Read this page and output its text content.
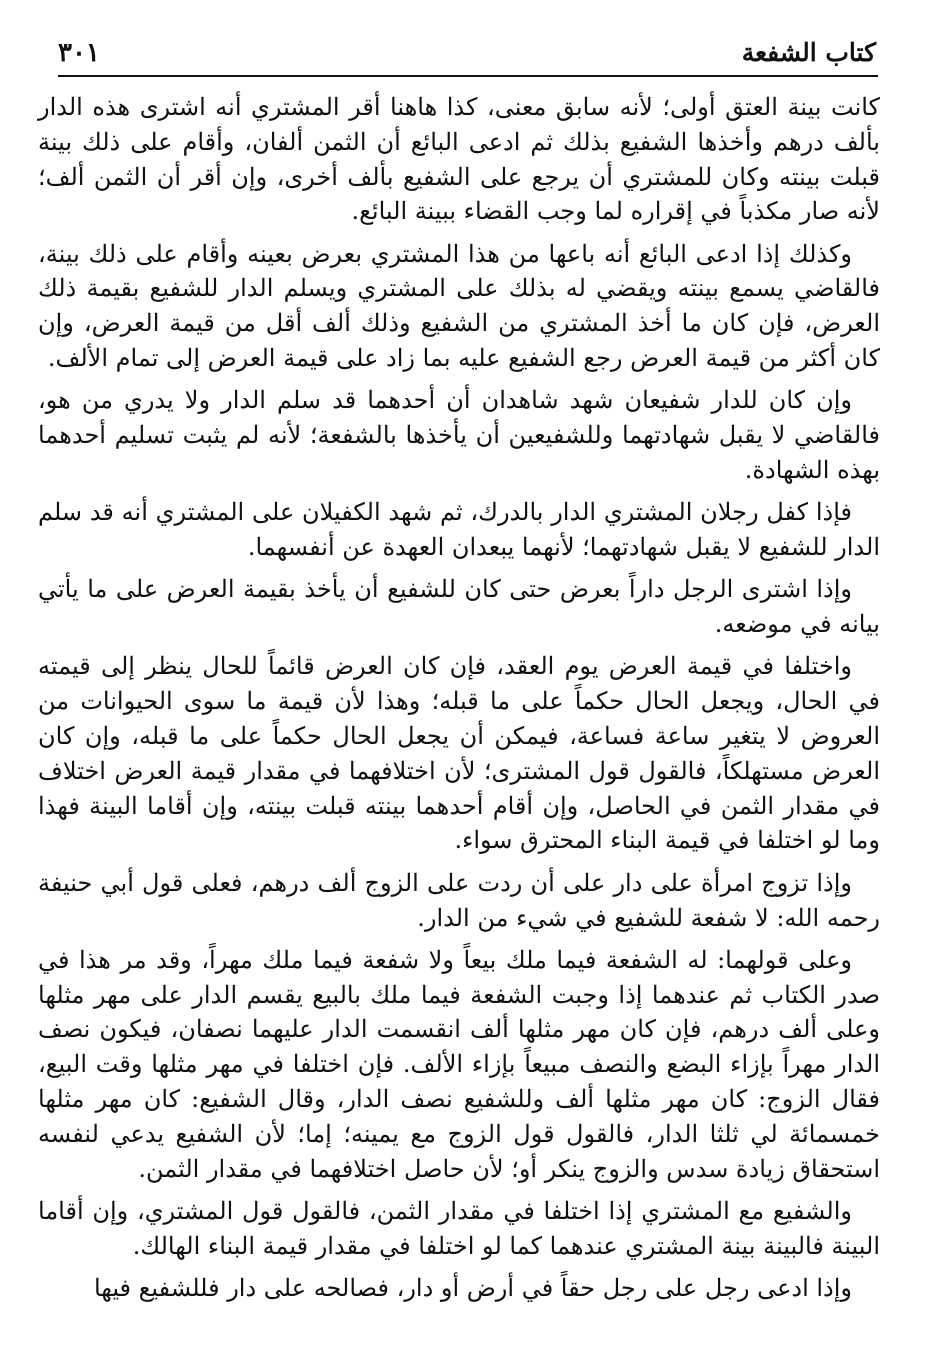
كتاب الشفعة
٣٠١

كانت بينة العتق أولى؛ لأنه سابق معنى، كذا هاهنا أقر المشتري أنه اشترى هذه الدار بألف درهم وأخذها الشفيع بذلك ثم ادعى البائع أن الثمن ألفان، وأقام على ذلك بينة قبلت بينته وكان للمشتري أن يرجع على الشفيع بألف أخرى، وإن أقر أن الثمن ألف؛ لأنه صار مكذباً في إقراره لما وجب القضاء ببينة البائع.

وكذلك إذا ادعى البائع أنه باعها من هذا المشتري بعرض بعينه وأقام على ذلك بينة، فالقاضي يسمع بينته ويقضي له بذلك على المشتري ويسلم الدار للشفيع بقيمة ذلك العرض، فإن كان ما أخذ المشتري من الشفيع وذلك ألف أقل من قيمة العرض، وإن كان أكثر من قيمة العرض رجع الشفيع عليه بما زاد على قيمة العرض إلى تمام الألف.

وإن كان للدار شفيعان شهد شاهدان أن أحدهما قد سلم الدار ولا يدري من هو، فالقاضي لا يقبل شهادتهما وللشفيعين أن يأخذها بالشفعة؛ لأنه لم يثبت تسليم أحدهما بهذه الشهادة.

فإذا كفل رجلان المشتري الدار بالدرك، ثم شهد الكفيلان على المشتري أنه قد سلم الدار للشفيع لا يقبل شهادتهما؛ لأنهما يبعدان العهدة عن أنفسهما.

وإذا اشترى الرجل داراً بعرض حتى كان للشفيع أن يأخذ بقيمة العرض على ما يأتي بيانه في موضعه.

واختلفا في قيمة العرض يوم العقد، فإن كان العرض قائماً للحال ينظر إلى قيمته في الحال، ويجعل الحال حكماً على ما قبله؛ وهذا لأن قيمة ما سوى الحيوانات من العروض لا يتغير ساعة فساعة، فيمكن أن يجعل الحال حكماً على ما قبله، وإن كان العرض مستهلكاً، فالقول قول المشترى؛ لأن اختلافهما في مقدار قيمة العرض اختلاف في مقدار الثمن في الحاصل، وإن أقام أحدهما بينته قبلت بينته، وإن أقاما البينة فهذا وما لو اختلفا في قيمة البناء المحترق سواء.

وإذا تزوج امرأة على دار على أن ردت على الزوج ألف درهم، فعلى قول أبي حنيفة رحمه الله: لا شفعة للشفيع في شيء من الدار.

وعلى قولهما: له الشفعة فيما ملك بيعاً ولا شفعة فيما ملك مهراً، وقد مر هذا في صدر الكتاب ثم عندهما إذا وجبت الشفعة فيما ملك بالبيع يقسم الدار على مهر مثلها وعلى ألف درهم، فإن كان مهر مثلها ألف انقسمت الدار عليهما نصفان، فيكون نصف الدار مهراً بإزاء البضع والنصف مبيعاً بإزاء الألف. فإن اختلفا في مهر مثلها وقت البيع، فقال الزوج: كان مهر مثلها ألف وللشفيع نصف الدار، وقال الشفيع: كان مهر مثلها خمسمائة لي ثلثا الدار، فالقول قول الزوج مع يمينه؛ إما؛ لأن الشفيع يدعي لنفسه استحقاق زيادة سدس والزوج ينكر أو؛ لأن حاصل اختلافهما في مقدار الثمن.

والشفيع مع المشتري إذا اختلفا في مقدار الثمن، فالقول قول المشتري، وإن أقاما البينة فالبينة بينة المشتري عندهما كما لو اختلفا في مقدار قيمة البناء الهالك.

وإذا ادعى رجل على رجل حقاً في أرض أو دار، فصالحه على دار فللشفيع فيها
